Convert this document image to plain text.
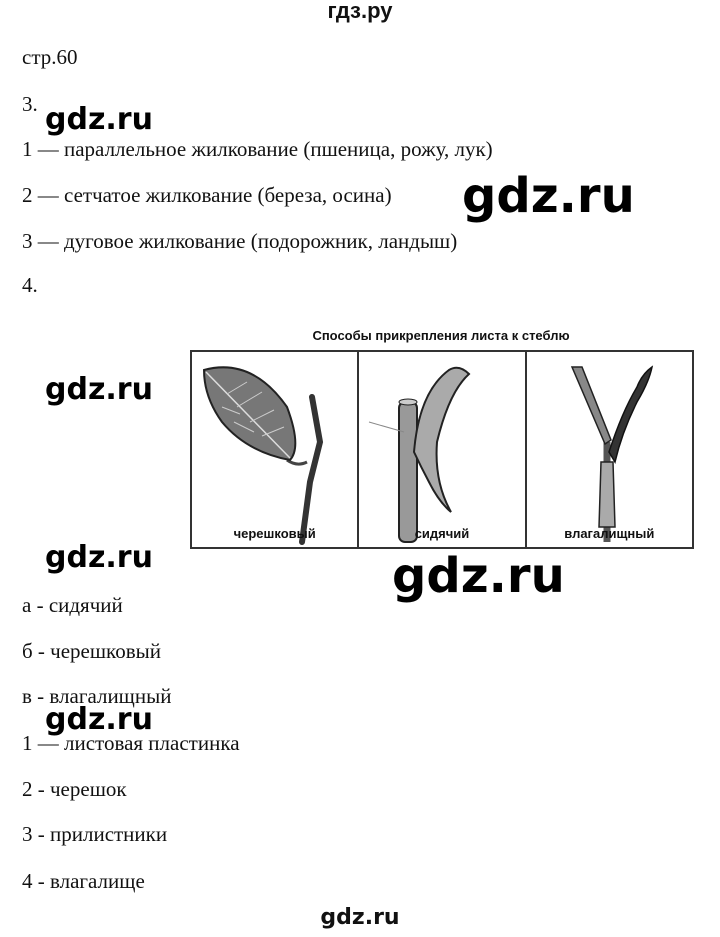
гдз.ру
стр.60
3.
1 — параллельное жилкование (пшеница, рожу, лук)
2 — сетчатое жилкование (береза, осина)
3 — дуговое жилкование (подорожник, ландыш)
4.
Способы прикрепления листа к стеблю
черешковый	сидячий	влагалищный
а - сидячий
б - черешковый
в - влагалищный
1 — листовая пластинка
2 - черешок
3 - прилистники
4 - влагалище
gdz.ru
gdz.ru
gdz.ru
gdz.ru	gdz.ru
gdz.ru
gdz.ru
